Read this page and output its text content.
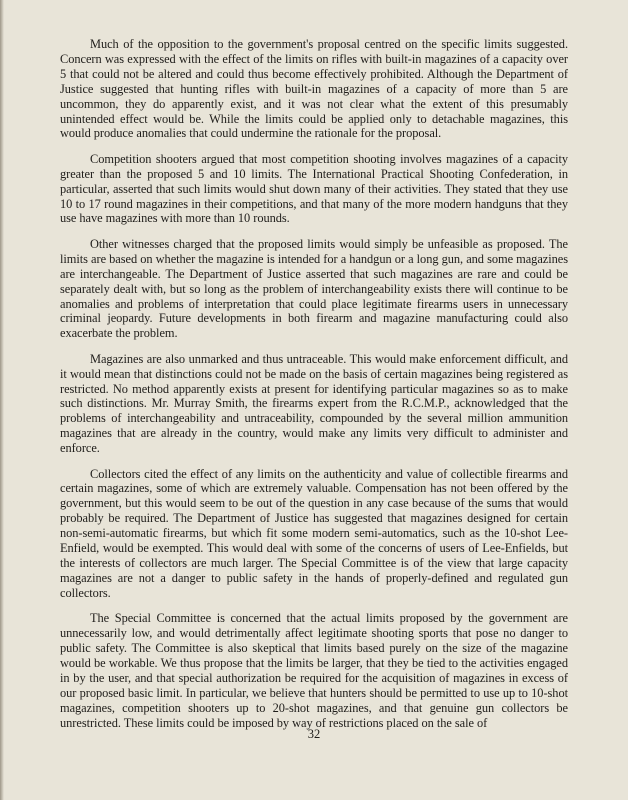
Much of the opposition to the government's proposal centred on the specific limits suggested. Concern was expressed with the effect of the limits on rifles with built-in magazines of a capacity over 5 that could not be altered and could thus become effectively prohibited. Although the Department of Justice suggested that hunting rifles with built-in magazines of a capacity of more than 5 are uncommon, they do apparently exist, and it was not clear what the extent of this presumably unintended effect would be. While the limits could be applied only to detachable magazines, this would produce anomalies that could undermine the rationale for the proposal.

Competition shooters argued that most competition shooting involves magazines of a capacity greater than the proposed 5 and 10 limits. The International Practical Shooting Confederation, in particular, asserted that such limits would shut down many of their activities. They stated that they use 10 to 17 round magazines in their competitions, and that many of the more modern handguns that they use have magazines with more than 10 rounds.

Other witnesses charged that the proposed limits would simply be unfeasible as proposed. The limits are based on whether the magazine is intended for a handgun or a long gun, and some magazines are interchangeable. The Department of Justice asserted that such magazines are rare and could be separately dealt with, but so long as the problem of interchangeability exists there will continue to be anomalies and problems of interpretation that could place legitimate firearms users in unnecessary criminal jeopardy. Future developments in both firearm and magazine manufacturing could also exacerbate the problem.

Magazines are also unmarked and thus untraceable. This would make enforcement difficult, and it would mean that distinctions could not be made on the basis of certain magazines being registered as restricted. No method apparently exists at present for identifying particular magazines so as to make such distinctions. Mr. Murray Smith, the firearms expert from the R.C.M.P., acknowledged that the problems of interchangeability and untraceability, compounded by the several million ammunition magazines that are already in the country, would make any limits very difficult to administer and enforce.

Collectors cited the effect of any limits on the authenticity and value of collectible firearms and certain magazines, some of which are extremely valuable. Compensation has not been offered by the government, but this would seem to be out of the question in any case because of the sums that would probably be required. The Department of Justice has suggested that magazines designed for certain non-semi-automatic firearms, but which fit some modern semi-automatics, such as the 10-shot Lee-Enfield, would be exempted. This would deal with some of the concerns of users of Lee-Enfields, but the interests of collectors are much larger. The Special Committee is of the view that large capacity magazines are not a danger to public safety in the hands of properly-defined and regulated gun collectors.

The Special Committee is concerned that the actual limits proposed by the government are unnecessarily low, and would detrimentally affect legitimate shooting sports that pose no danger to public safety. The Committee is also skeptical that limits based purely on the size of the magazine would be workable. We thus propose that the limits be larger, that they be tied to the activities engaged in by the user, and that special authorization be required for the acquisition of magazines in excess of our proposed basic limit. In particular, we believe that hunters should be permitted to use up to 10-shot magazines, competition shooters up to 20-shot magazines, and that genuine gun collectors be unrestricted. These limits could be imposed by way of restrictions placed on the sale of

32
